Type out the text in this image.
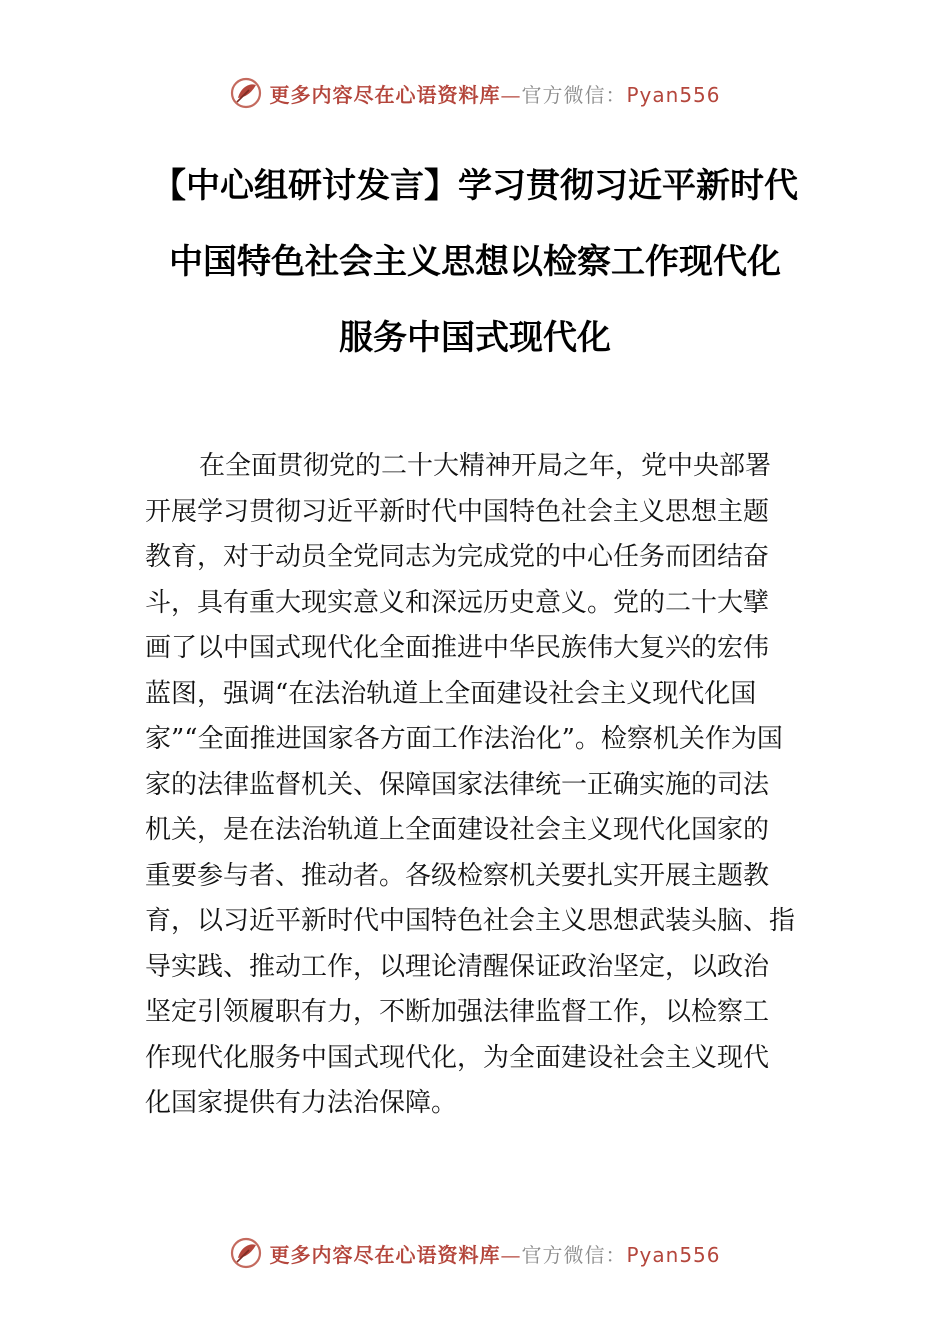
更多内容尽在心语资料库—官方微信：Pyan556
【中心组研讨发言】学习贯彻习近平新时代
中国特色社会主义思想以检察工作现代化
服务中国式现代化
在全面贯彻党的二十大精神开局之年，党中央部署
开展学习贯彻习近平新时代中国特色社会主义思想主题
教育，对于动员全党同志为完成党的中心任务而团结奋
斗，具有重大现实意义和深远历史意义。党的二十大擘
画了以中国式现代化全面推进中华民族伟大复兴的宏伟
蓝图，强调“在法治轨道上全面建设社会主义现代化国
家”“全面推进国家各方面工作法治化”。检察机关作为国
家的法律监督机关、保障国家法律统一正确实施的司法
机关，是在法治轨道上全面建设社会主义现代化国家的
重要参与者、推动者。各级检察机关要扎实开展主题教
育，以习近平新时代中国特色社会主义思想武装头脑、指
导实践、推动工作，以理论清醒保证政治坚定，以政治
坚定引领履职有力，不断加强法律监督工作，以检察工
作现代化服务中国式现代化，为全面建设社会主义现代
化国家提供有力法治保障。
更多内容尽在心语资料库—官方微信：Pyan556
